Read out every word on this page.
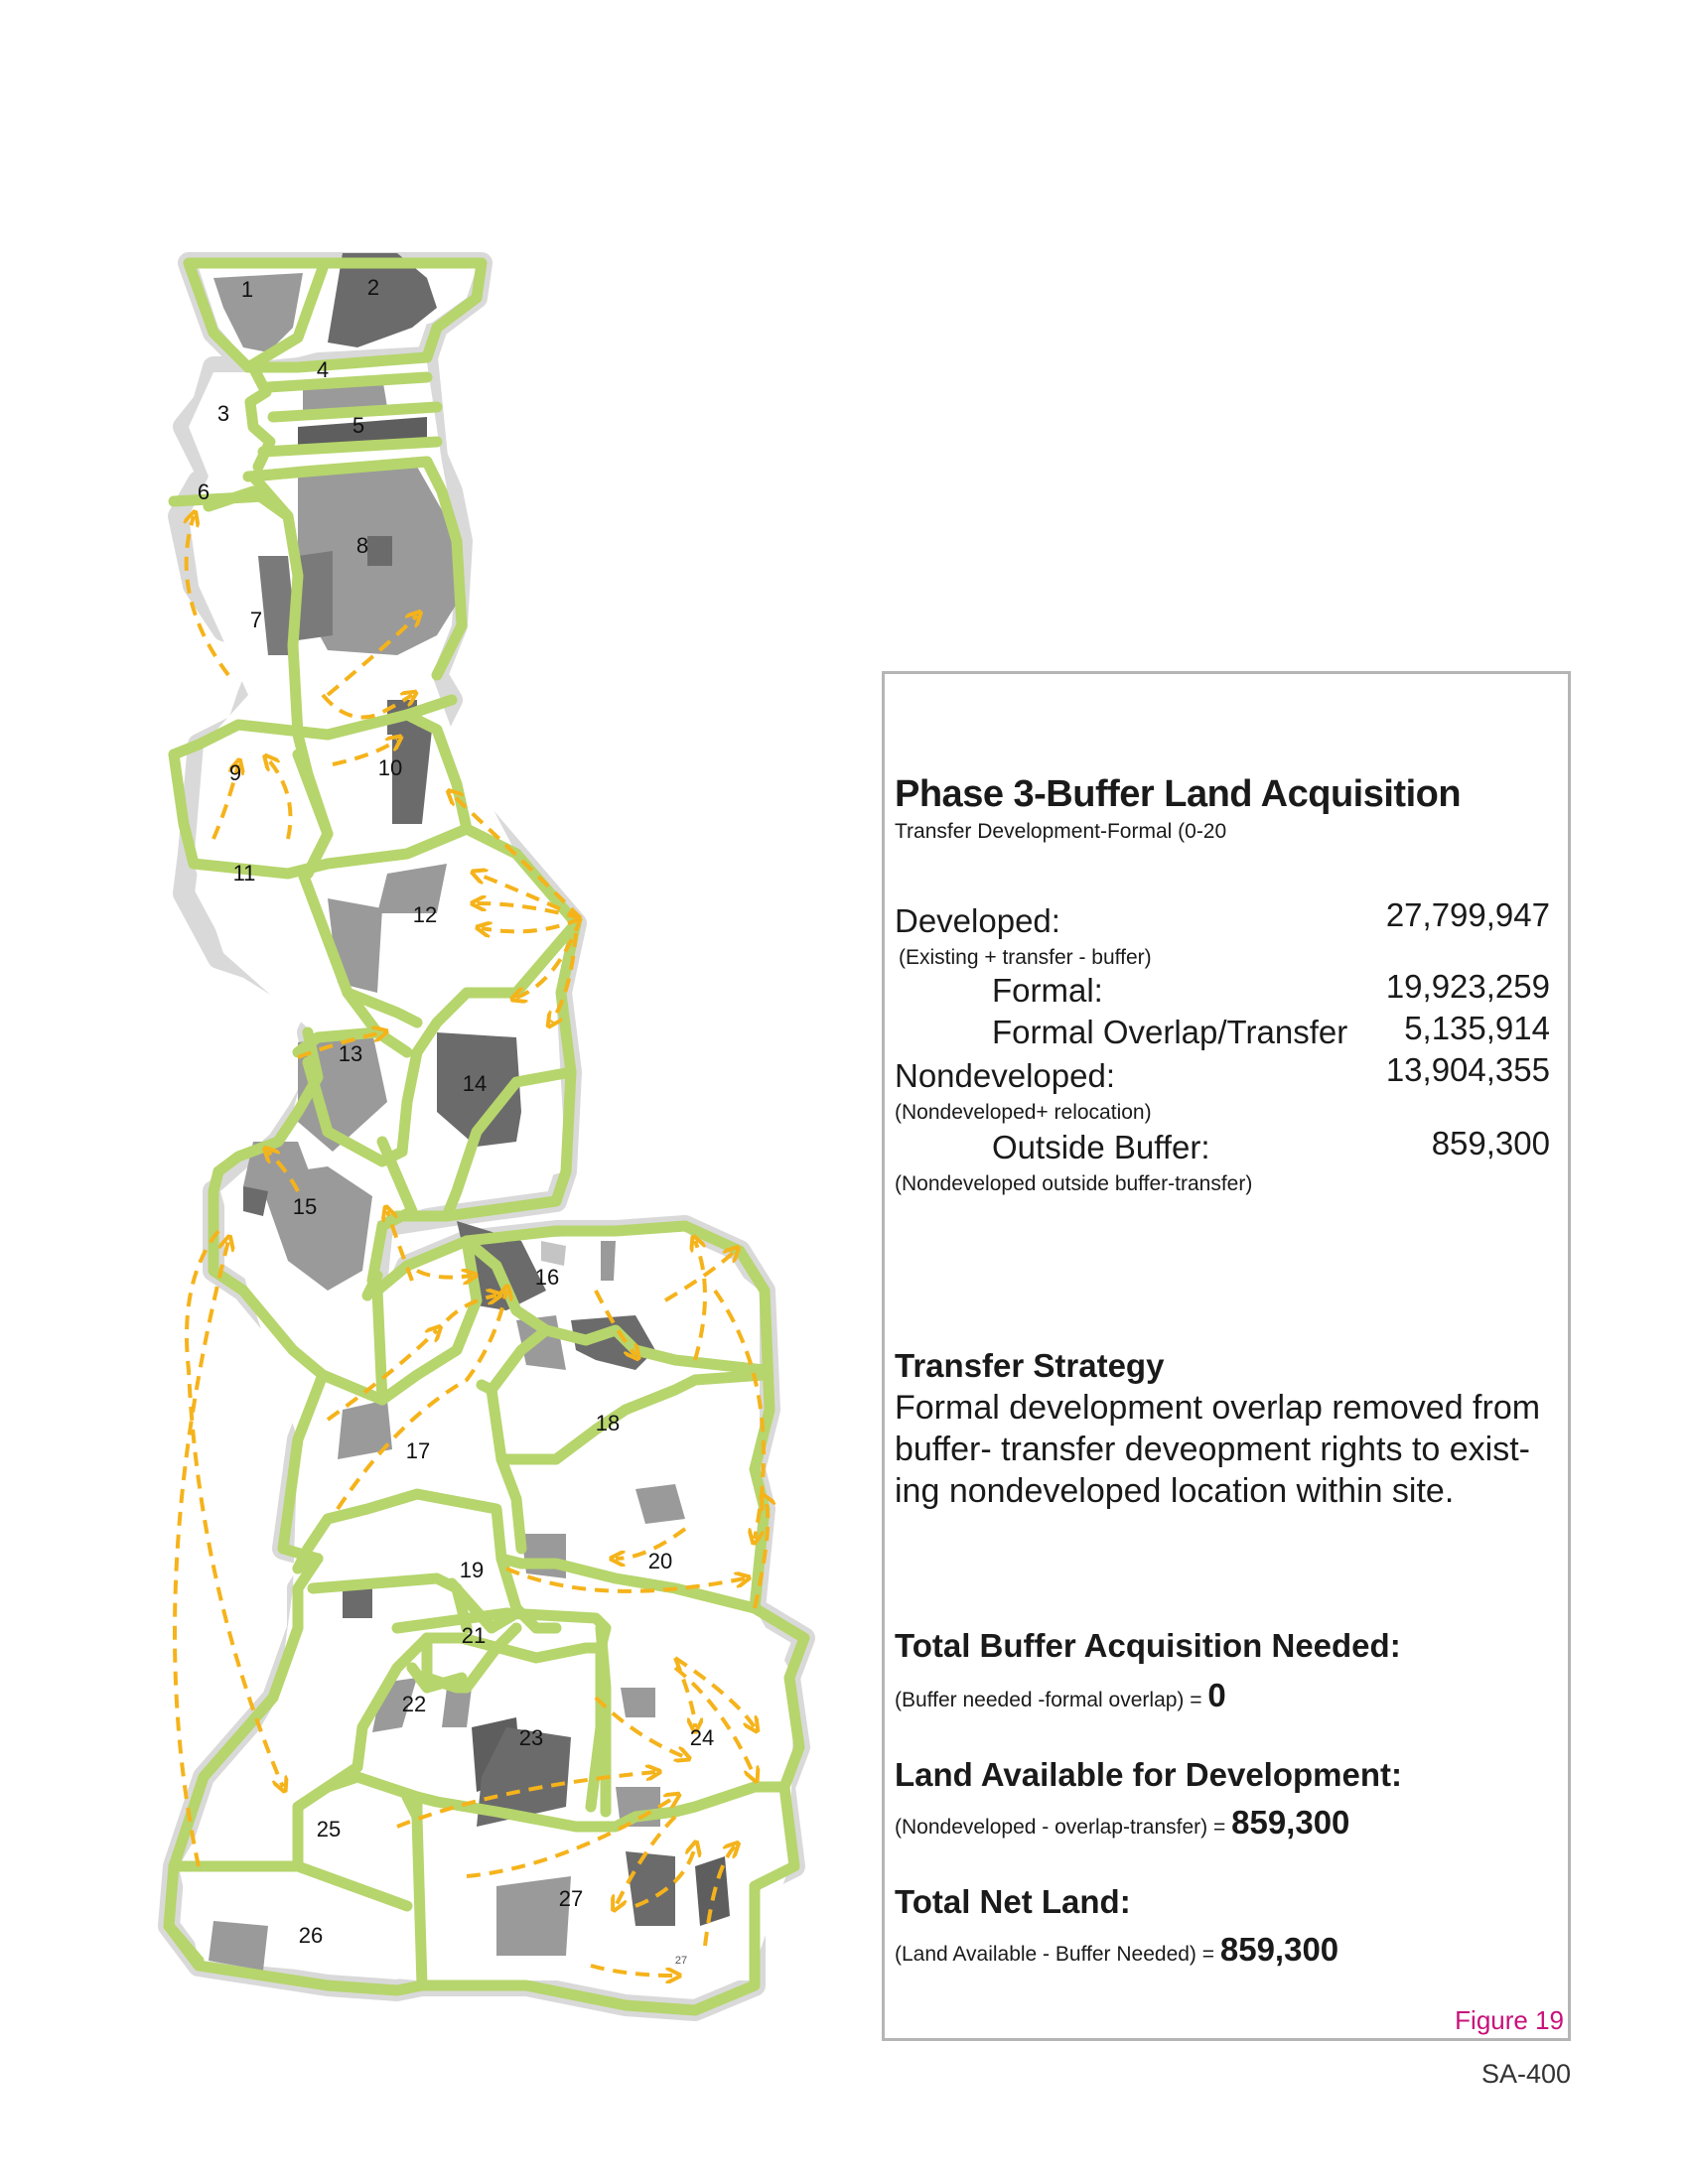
1	2
3
4
5
6
7
8
9	10
11
12
13
14
15
16
17
18
19	20
21
22
23	24
25
26
27
27
Phase 3-Buffer Land Acquisition
Transfer Development-Formal (0-20
Developed:	27,799,947
(Existing + transfer - buffer)
Formal:	19,923,259
Formal Overlap/Transfer 5,135,914
Nondeveloped:	13,904,355
(Nondeveloped+ relocation)
Outside Buffer:	859,300
(Nondeveloped outside buffer-transfer)
Transfer Strategy
Formal development overlap removed from buffer- transfer deveopment rights to exist-ing nondeveloped location within site.
Total Buffer Acquisition Needed:
(Buffer needed -formal overlap) = 0
Land Available for Development:
(Nondeveloped - overlap-transfer) = 859,300
Total Net Land:
(Land Available - Buffer Needed) = 859,300
Figure 19
SA-400
